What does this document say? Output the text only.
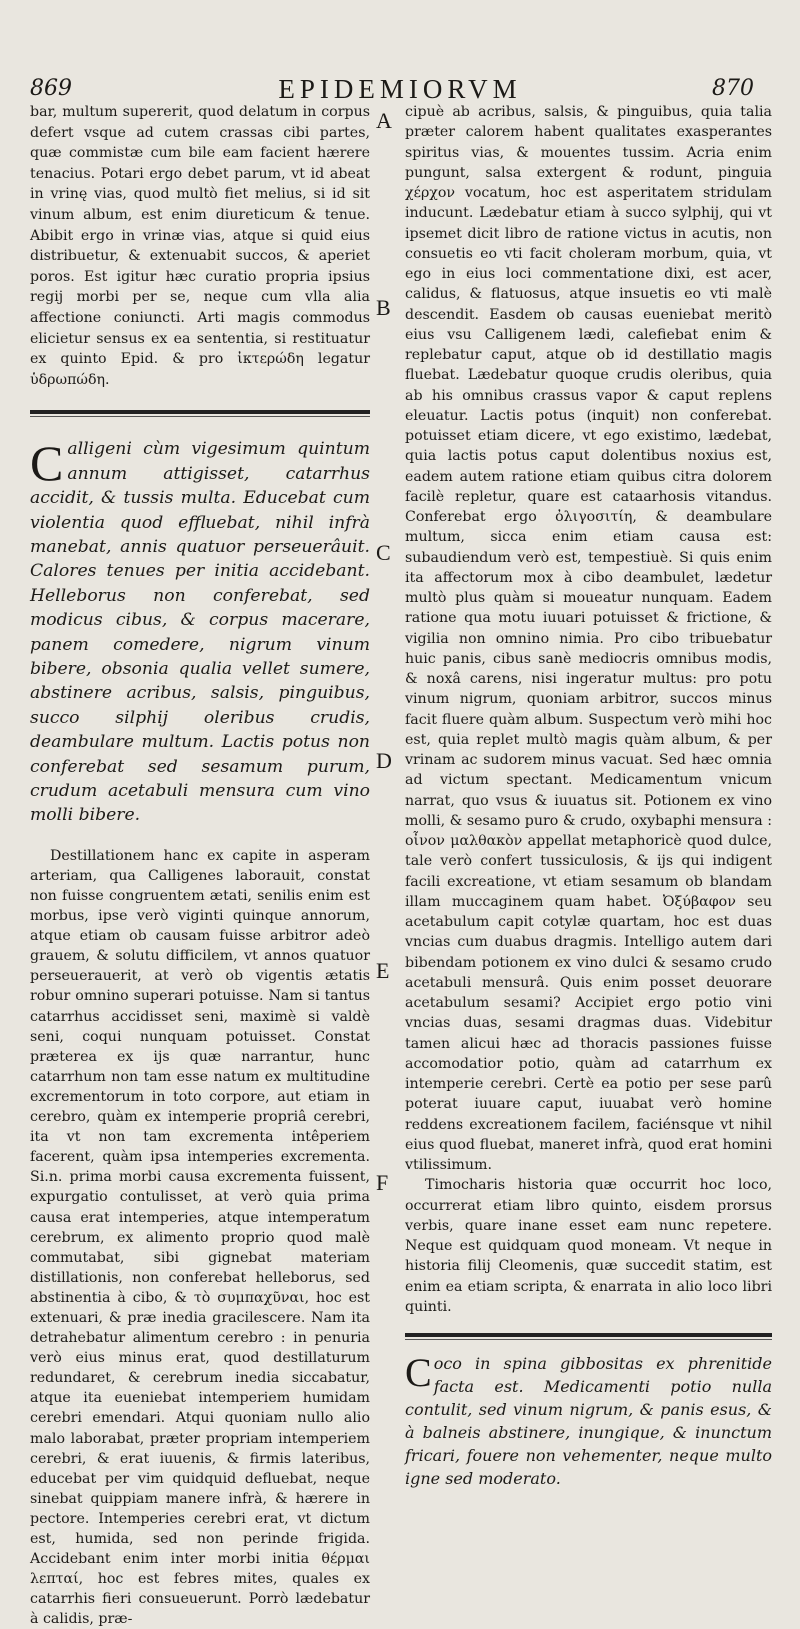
869	EPIDEMIORVM	870

bar, multum supererit, quod delatum in corpus defert vsque ad cutem crassas cibi partes, quæ commistæ cum bile eam facient hærere tenacius. Potari ergo debet parum, vt id abeat in vrinę vias, quod multò fiet melius, si id sit vinum album, est enim diureticum & tenue. Abibit ergo in vrinæ vias, atque si quid eius distribuetur, & extenuabit succos, & aperiet poros. Est igitur hæc curatio propria ipsius regij morbi per se, neque cum vlla alia affectione coniuncti. Arti magis commodus elicietur sensus ex ea sententia, si restituatur ex quinto Epid. & pro ἰκτερώδη legatur ὑδρωπώδη.

Calligeni cùm vigesimum quintum annum attigisset, catarrhus accidit, & tussis multa. Educebat cum violentia quod effluebat, nihil infrà manebat, annis quatuor perseuerâuit. Calores tenues per initia accidebant. Helleborus non conferebat, sed modicus cibus, & corpus macerare, panem comedere, nigrum vinum bibere, obsonia qualia vellet sumere, abstinere acribus, salsis, pinguibus, succo silphij oleribus crudis, deambulare multum. Lactis potus non conferebat sed sesamum purum, crudum acetabuli mensura cum vino molli bibere.

Destillationem hanc ex capite in asperam arteriam, qua Calligenes laborauit, constat non fuisse congruentem ætati, senilis enim est morbus, ipse verò viginti quinque annorum, atque etiam ob causam fuisse arbitror adeò grauem, & solutu difficilem, vt annos quatuor perseuerauerit, at verò ob vigentis ætatis robur omnino superari potuisse. Nam si tantus catarrhus accidisset seni, maximè si valdè seni, coqui nunquam potuisset. Constat præterea ex ijs quæ narrantur, hunc catarrhum non tam esse natum ex multitudine excrementorum in toto corpore, aut etiam in cerebro, quàm ex intemperie propriâ cerebri, ita vt non tam excrementa intêperiem facerent, quàm ipsa intemperies excrementa. Si.n. prima morbi causa excrementa fuissent, expurgatio contulisset, at verò quia prima causa erat intemperies, atque intemperatum cerebrum, ex alimento proprio quod malè commutabat, sibi gignebat materiam distillationis, non conferebat helleborus, sed abstinentia à cibo, & τὸ συμπαχῦναι, hoc est extenuari, & præ inedia gracilescere. Nam ita detrahebatur alimentum cerebro : in penuria verò eius minus erat, quod destillaturum redundaret, & cerebrum inedia siccabatur, atque ita eueniebat intemperiem humidam cerebri emendari. Atqui quoniam nullo alio malo laborabat, præter propriam intemperiem cerebri, & erat iuuenis, & firmis lateribus, educebat per vim quidquid defluebat, neque sinebat quippiam manere infrà, & hærere in pectore. Intemperies cerebri erat, vt dictum est, humida, sed non perinde frigida. Accidebant enim inter morbi initia θέρμαι λεπταί, hoc est febres mites, quales ex catarrhis fieri consueuerunt. Porrò lædebatur à calidis, præ-

A
B
C
D
E
F

cipuè ab acribus, salsis, & pinguibus, quia talia præter calorem habent qualitates exasperantes spiritus vias, & mouentes tussim. Acria enim pungunt, salsa extergent & rodunt, pinguia χέρχον vocatum, hoc est asperitatem stridulam inducunt. Lædebatur etiam à succo sylphij, qui vt ipsemet dicit libro de ratione victus in acutis, non consuetis eo vti facit choleram morbum, quia, vt ego in eius loci commentatione dixi, est acer, calidus, & flatuosus, atque insuetis eo vti malè descendit. Easdem ob causas eueniebat meritò eius vsu Calligenem lædi, calefiebat enim & replebatur caput, atque ob id destillatio magis fluebat. Lædebatur quoque crudis oleribus, quia ab his omnibus crassus vapor & caput replens eleuatur. Lactis potus (inquit) non conferebat. potuisset etiam dicere, vt ego existimo, lædebat, quia lactis potus caput dolentibus noxius est, eadem autem ratione etiam quibus citra dolorem facilè repletur, quare est cataarhosis vitandus. Conferebat ergo ὀλιγοσιτίη, & deambulare multum, sicca enim etiam causa est: subaudiendum verò est, tempestiuè. Si quis enim ita affectorum mox à cibo deambulet, lædetur multò plus quàm si moueatur nunquam. Eadem ratione qua motu iuuari potuisset & frictione, & vigilia non omnino nimia. Pro cibo tribuebatur huic panis, cibus sanè mediocris omnibus modis, & noxâ carens, nisi ingeratur multus: pro potu vinum nigrum, quoniam arbitror, succos minus facit fluere quàm album. Suspectum verò mihi hoc est, quia replet multò magis quàm album, & per vrinam ac sudorem minus vacuat. Sed hæc omnia ad victum spectant. Medicamentum vnicum narrat, quo vsus & iuuatus sit. Potionem ex vino molli, & sesamo puro & crudo, oxybaphi mensura : οἶνον μαλθακὸν appellat metaphoricè quod dulce, tale verò confert tussiculosis, & ijs qui indigent facili excreatione, vt etiam sesamum ob blandam illam muccaginem quam habet. Ὀξύβαφον seu acetabulum capit cotylæ quartam, hoc est duas vncias cum duabus dragmis. Intelligo autem dari bibendam potionem ex vino dulci & sesamo crudo acetabuli mensurâ. Quis enim posset deuorare acetabulum sesami? Accipiet ergo potio vini vncias duas, sesami dragmas duas. Videbitur tamen alicui hæc ad thoracis passiones fuisse accomodatior potio, quàm ad catarrhum ex intemperie cerebri. Certè ea potio per sese parû poterat iuuare caput, iuuabat verò homine reddens excreationem facilem, faciénsque vt nihil eius quod fluebat, maneret infrà, quod erat homini vtilissimum.

Timocharis historia quæ occurrit hoc loco, occurrerat etiam libro quinto, eisdem prorsus verbis, quare inane esset eam nunc repetere. Neque est quidquam quod moneam. Vt neque in historia filij Cleomenis, quæ succedit statim, est enim ea etiam scripta, & enarrata in alio loco libri quinti.

Coco in spina gibbositas ex phrenitide facta est. Medicamenti potio nulla contulit, sed vinum nigrum, & panis esus, & à balneis abstinere, inungique, & inunctum fricari, fouere non vehementer, neque multo igne sed moderato.
